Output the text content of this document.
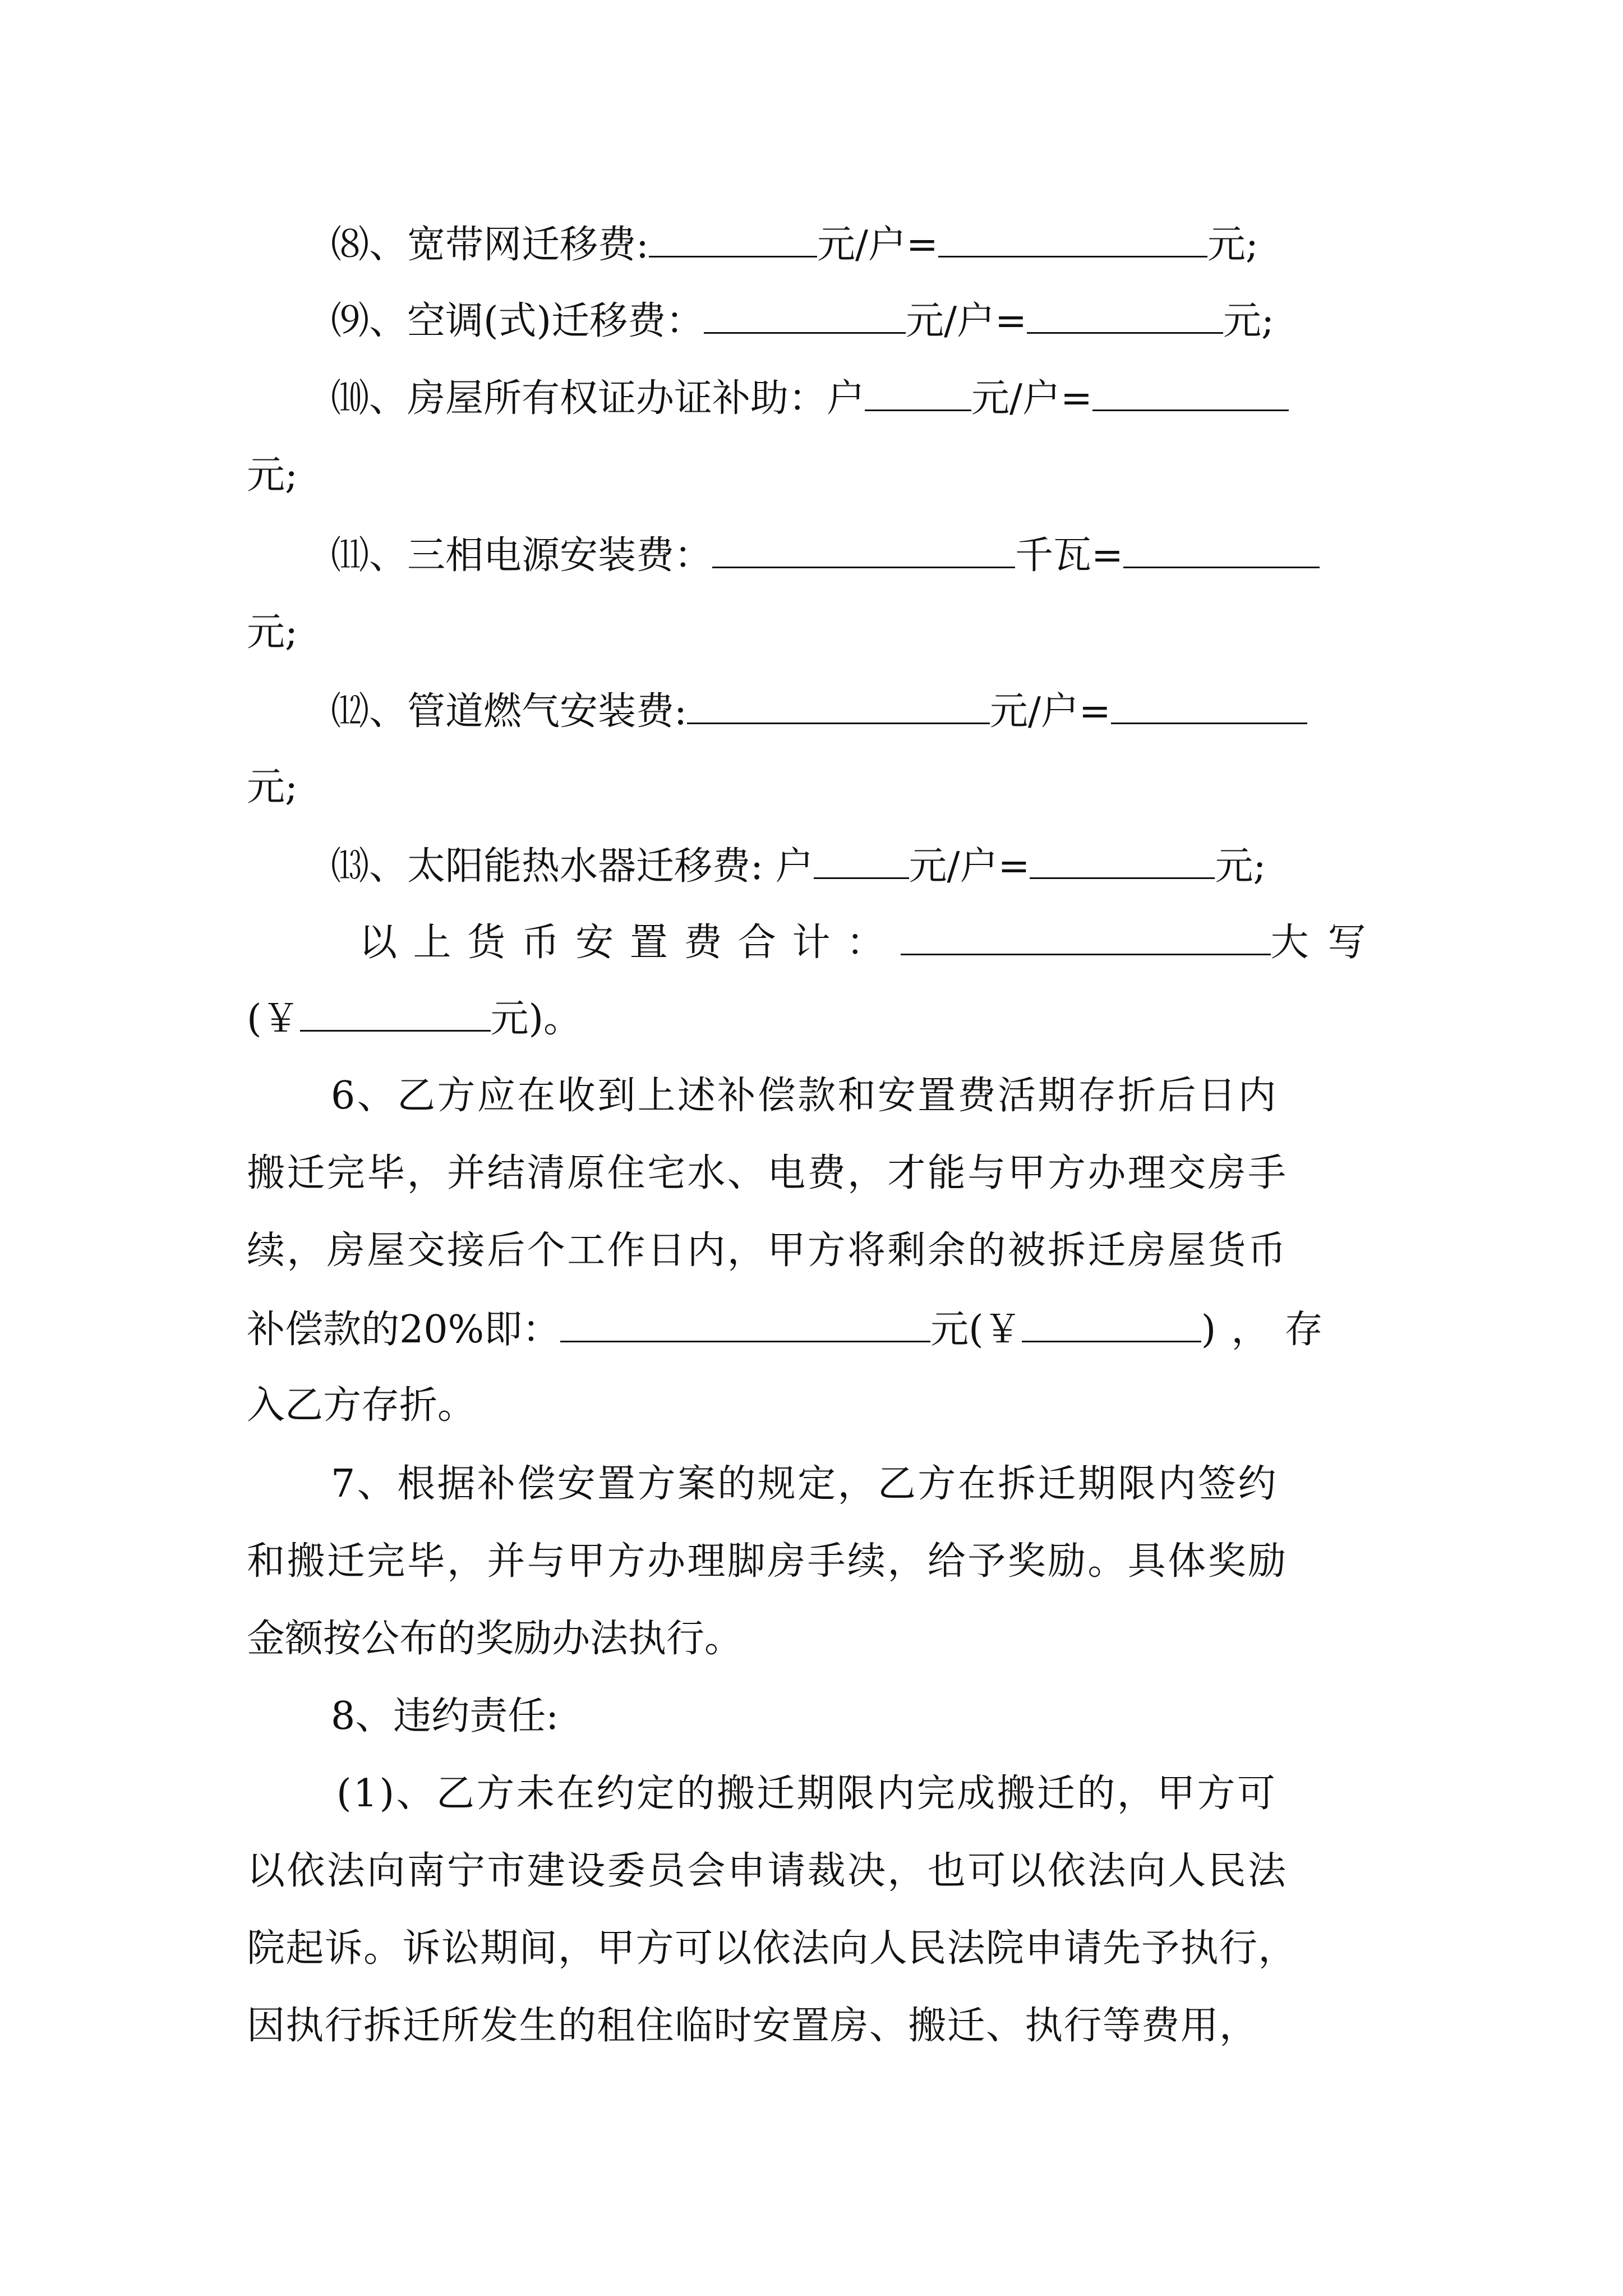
⑻、宽带网迁移费:	元/户=	元;
⑼、空调(式)迁移费：	元/户=	元;
⑽、房屋所有权证办证补助：户	元/户=
元;
⑾、三相电源安装费：	千瓦=
元;
⑿、管道燃气安装费:	元/户=
元;
⒀、太阳能热水器迁移费: 户	元/户=	元;
以上货币安置费合计：	大写
(￥	元)。
6、乙方应在收到上述补偿款和安置费活期存折后日内
搬迁完毕，并结清原住宅水、电费，才能与甲方办理交房手
续，房屋交接后个工作日内，甲方将剩余的被拆迁房屋货币
补偿款的20%即：	元(￥	)，存
入乙方存折。
7、根据补偿安置方案的规定，乙方在拆迁期限内签约
和搬迁完毕，并与甲方办理脚房手续，给予奖励。具体奖励
金额按公布的奖励办法执行。
8、违约责任:
(1)、乙方未在约定的搬迁期限内完成搬迁的，甲方可
以依法向南宁市建设委员会申请裁决，也可以依法向人民法
院起诉。诉讼期间，甲方可以依法向人民法院申请先予执行，
因执行拆迁所发生的租住临时安置房、搬迁、执行等费用，
